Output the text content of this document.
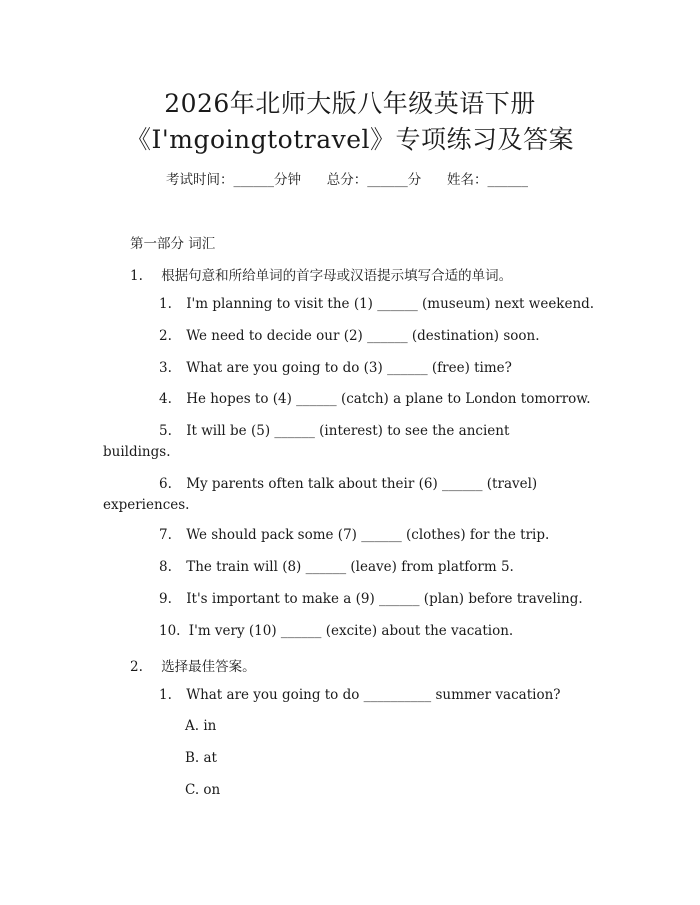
2026年北师大版八年级英语下册
《I'mgoingtotravel》专项练习及答案
考试时间：______分钟      总分：______分      姓名：______
第一部分 词汇
1. 根据句意和所给单词的首字母或汉语提示填写合适的单词。
1. I'm planning to visit the (1) ______ (museum) next weekend.
2. We need to decide our (2) ______ (destination) soon.
3. What are you going to do (3) ______ (free) time?
4. He hopes to (4) ______ (catch) a plane to London tomorrow.
5. It will be (5) ______ (interest) to see the ancient buildings.
6. My parents often talk about their (6) ______ (travel) experiences.
7. We should pack some (7) ______ (clothes) for the trip.
8. The train will (8) ______ (leave) from platform 5.
9. It's important to make a (9) ______ (plan) before traveling.
10. I'm very (10) ______ (excite) about the vacation.
2. 选择最佳答案。
1. What are you going to do __________ summer vacation?
A. in
B. at
C. on
